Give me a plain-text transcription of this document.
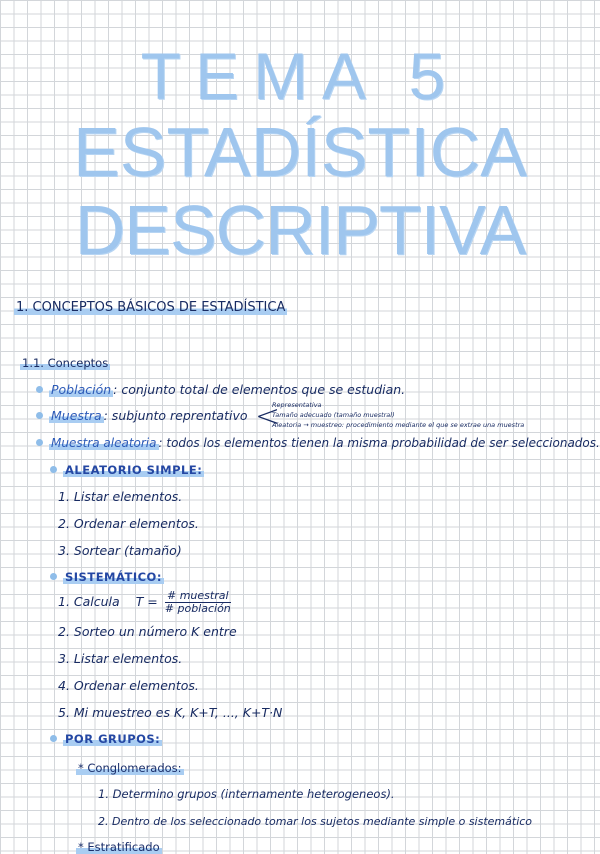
TEMA 5
ESTADÍSTICA
DESCRIPTIVA
1. CONCEPTOS BÁSICOS DE ESTADÍSTICA
1.1. Conceptos
Población : conjunto total de elementos que se estudian.
Muestra : subjunto reprentativo <
Representativa
Tamaño adecuado (tamaño muestral)
Aleatoria → muestreo: procedimiento mediante el que se extrae una muestra
Muestra aleatoria : todos los elementos tienen la misma probabilidad de ser seleccionados.
ALEATORIO SIMPLE:
1. Listar elementos.
2. Ordenar elementos.
3. Sortear (tamaño)
SISTEMÁTICO:
1. Calcula $T = \frac{\text{\# muestral}}{\text{\# población}}$
2. Sorteo un número K entre
3. Listar elementos.
4. Ordenar elementos.
5. Mi muestreo es K, K+T, ..., K+T·N
POR GRUPOS:
* Conglomerados:
1. Determino grupos (internamente heterogeneos).
2. Dentro de los seleccionado tomar los sujetos mediante simple o sistemático
* Estratificado
